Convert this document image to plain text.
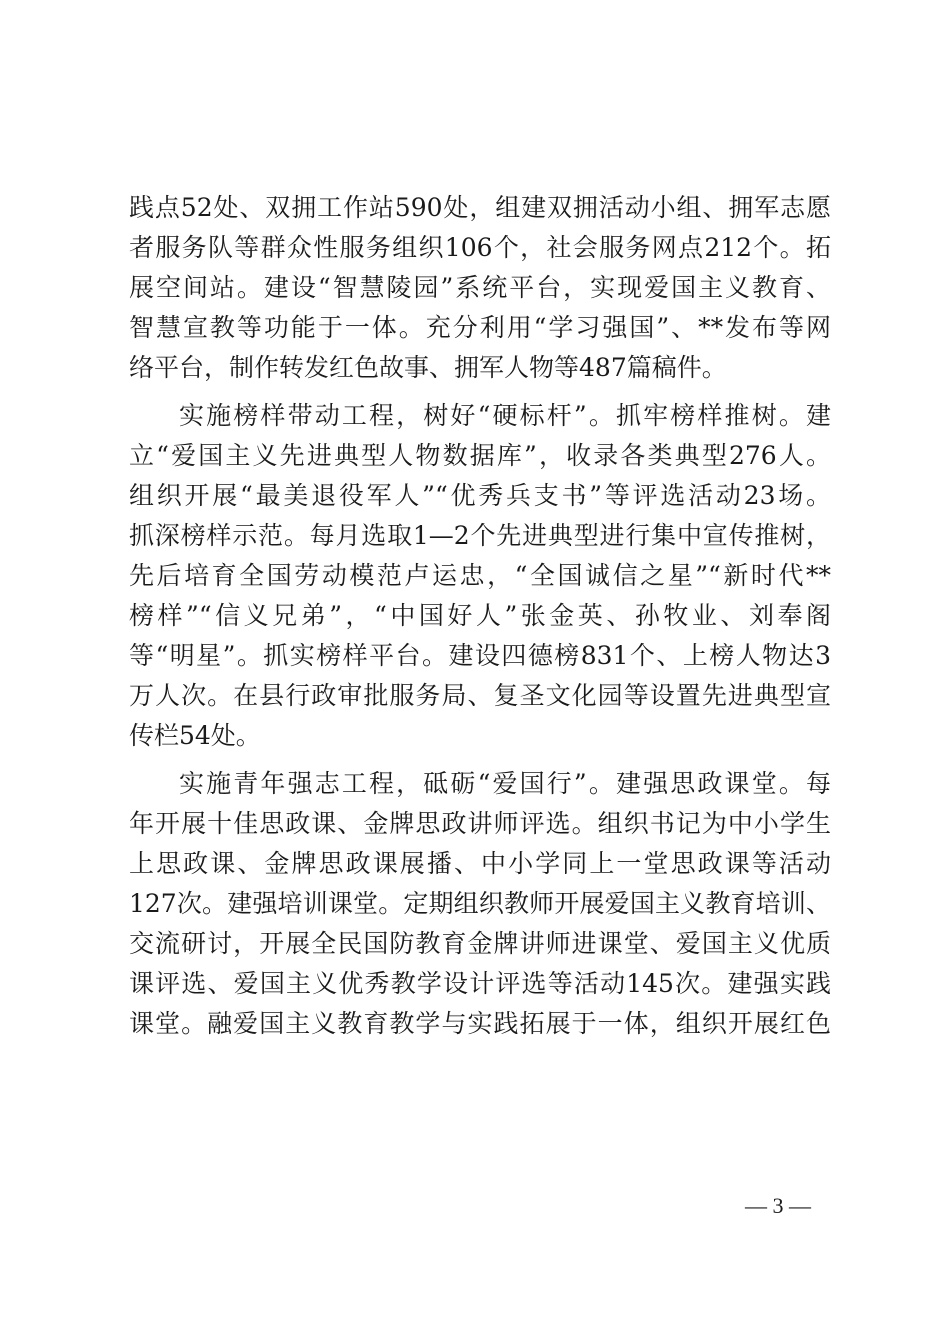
践点52处、双拥工作站590处，组建双拥活动小组、拥军志愿
者服务队等群众性服务组织106个，社会服务网点212个。拓
展空间站。建设“智慧陵园”系统平台，实现爱国主义教育、
智慧宣教等功能于一体。充分利用“学习强国”、**发布等网
络平台，制作转发红色故事、拥军人物等487篇稿件。
实施榜样带动工程，树好“硬标杆”。抓牢榜样推树。建
立“爱国主义先进典型人物数据库”，收录各类典型276人。
组织开展“最美退役军人”“优秀兵支书”等评选活动23场。
抓深榜样示范。每月选取1—2个先进典型进行集中宣传推树，
先后培育全国劳动模范卢运忠，“全国诚信之星”“新时代**
榜样”“信义兄弟”，“中国好人”张金英、孙牧业、刘奉阁
等“明星”。抓实榜样平台。建设四德榜831个、上榜人物达3
万人次。在县行政审批服务局、复圣文化园等设置先进典型宣
传栏54处。
实施青年强志工程，砥砺“爱国行”。建强思政课堂。每
年开展十佳思政课、金牌思政讲师评选。组织书记为中小学生
上思政课、金牌思政课展播、中小学同上一堂思政课等活动
127次。建强培训课堂。定期组织教师开展爱国主义教育培训、
交流研讨，开展全民国防教育金牌讲师进课堂、爱国主义优质
课评选、爱国主义优秀教学设计评选等活动145次。建强实践
课堂。融爱国主义教育教学与实践拓展于一体，组织开展红色
— 3 —
